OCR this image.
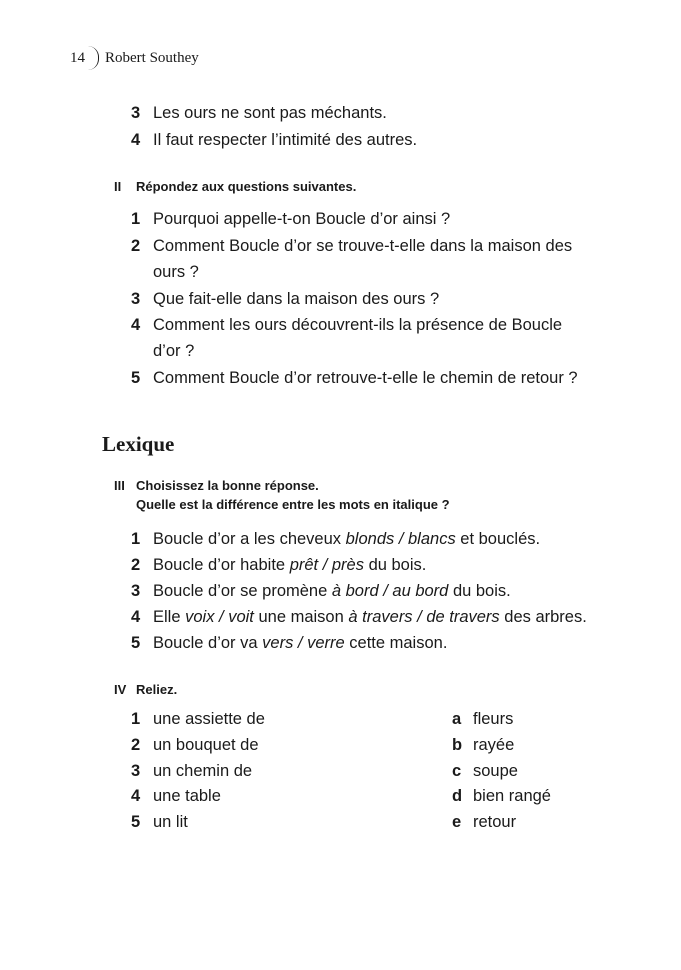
14 Robert Southey
3 Les ours ne sont pas méchants.
4 Il faut respecter l’intimité des autres.
II Répondez aux questions suivantes.
1 Pourquoi appelle-t-on Boucle d’or ainsi ?
2 Comment Boucle d’or se trouve-t-elle dans la maison des
ours ?
3 Que fait-elle dans la maison des ours ?
4 Comment les ours découvrent-ils la présence de Boucle
d’or ?
5 Comment Boucle d’or retrouve-t-elle le chemin de retour ?
Lexique
III Choisissez la bonne réponse.
Quelle est la différence entre les mots en italique ?
1 Boucle d’or a les cheveux blonds / blancs et bouclés.
2 Boucle d’or habite prêt / près du bois.
3 Boucle d’or se promène à bord / au bord du bois.
4 Elle voix / voit une maison à travers / de travers des arbres.
5 Boucle d’or va vers / verre cette maison.
IV Reliez.
1 une assiette de
2 un bouquet de
3 un chemin de
4 une table
5 un lit
a fleurs
b rayée
c soupe
d bien rangé
e retour
